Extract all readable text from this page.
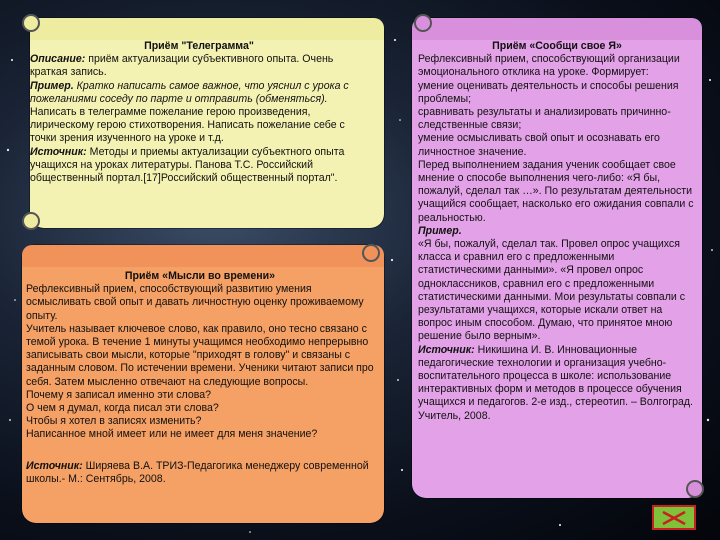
Приём "Телеграмма"

Описание: приём актуализации субъективного опыта. Очень краткая запись.

Пример. Кратко написать самое важное, что уяснил с урока с пожеланиями соседу по парте и отправить (обменяться). Написать в телеграмме пожелание герою произведения, лирическому герою стихотворения. Написать пожелание себе с точки зрения изученного на уроке и т.д.

Источник: Методы и приемы актуализации субъектного опыта учащихся на уроках литературы. Панова Т.С. Российский общественный портал.[17]Российский общественный портал".

Приём «Мысли во времени»

Рефлексивный прием, способствующий развитию умения осмысливать свой опыт и давать личностную оценку проживаемому опыту.

Учитель называет ключевое слово, как правило, оно тесно связано с темой урока. В течение 1 минуты учащимся необходимо непрерывно записывать свои мысли, которые "приходят в голову" и связаны с заданным словом. По истечении времени. Ученики читают записи про себя. Затем мысленно отвечают на следующие вопросы.

Почему я записал именно эти слова?

О чем я думал, когда писал эти слова?

Чтобы я хотел в записях изменить?

Написанное мной имеет или не имеет для меня значение?

Источник: Ширяева В.А. ТРИЗ-Педагогика менеджеру современной школы.- М.: Сентябрь, 2008.

Приём «Сообщи свое Я»

Рефлексивный прием, способствующий организации эмоционального отклика на уроке. Формирует:

умение оценивать деятельность и способы решения проблемы;

сравнивать результаты и анализировать причинно-следственные связи;

умение осмысливать свой опыт и осознавать его личностное значение.

Перед выполнением задания ученик сообщает свое мнение о способе выполнения чего-либо: «Я бы, пожалуй, сделал так …». По результатам деятельности учащийся сообщает, насколько его ожидания совпали с реальностью.

Пример.

«Я бы, пожалуй, сделал так. Провел опрос учащихся класса и сравнил его с предложенными статистическими данными». «Я провел опрос одноклассников, сравнил его с предложенными статистическими данными. Мои результаты совпали с результатами учащихся, которые искали ответ на вопрос иным способом. Думаю, что принятое мною решение было верным».

Источник: Никишина И. В. Инновационные педагогические технологии и организация учебно-воспитательного процесса в школе: использование интерактивных форм и методов в процессе обучения учащихся и педагогов. 2-е изд., стереотип. – Волгоград. Учитель, 2008.
